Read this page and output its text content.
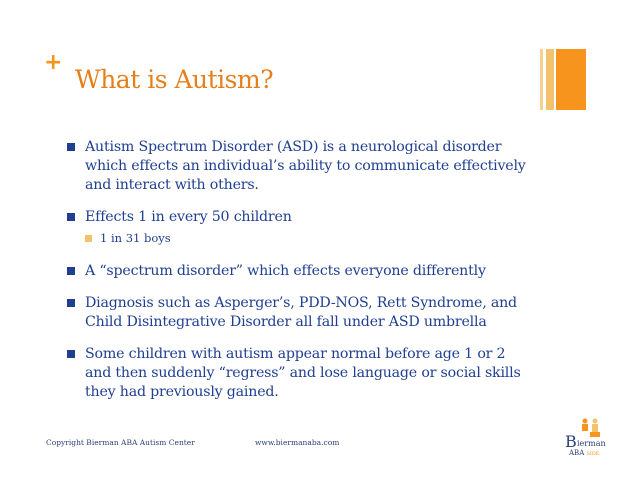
+
What is Autism?
Autism Spectrum Disorder (ASD) is a neurological disorder which effects an individual’s ability to communicate effectively and interact with others.
Effects 1 in every 50 children
1 in 31 boys
A “spectrum disorder” which effects everyone differently
Diagnosis such as Asperger’s, PDD-NOS, Rett Syndrome, and Child Disintegrative Disorder all fall under ASD umbrella
Some children with autism appear normal before age 1 or 2 and then suddenly “regress” and lose language or social skills they had previously gained.
Copyright Bierman ABA Autism Center	www.biermanaba.com	B ierman
ABA SIDE
